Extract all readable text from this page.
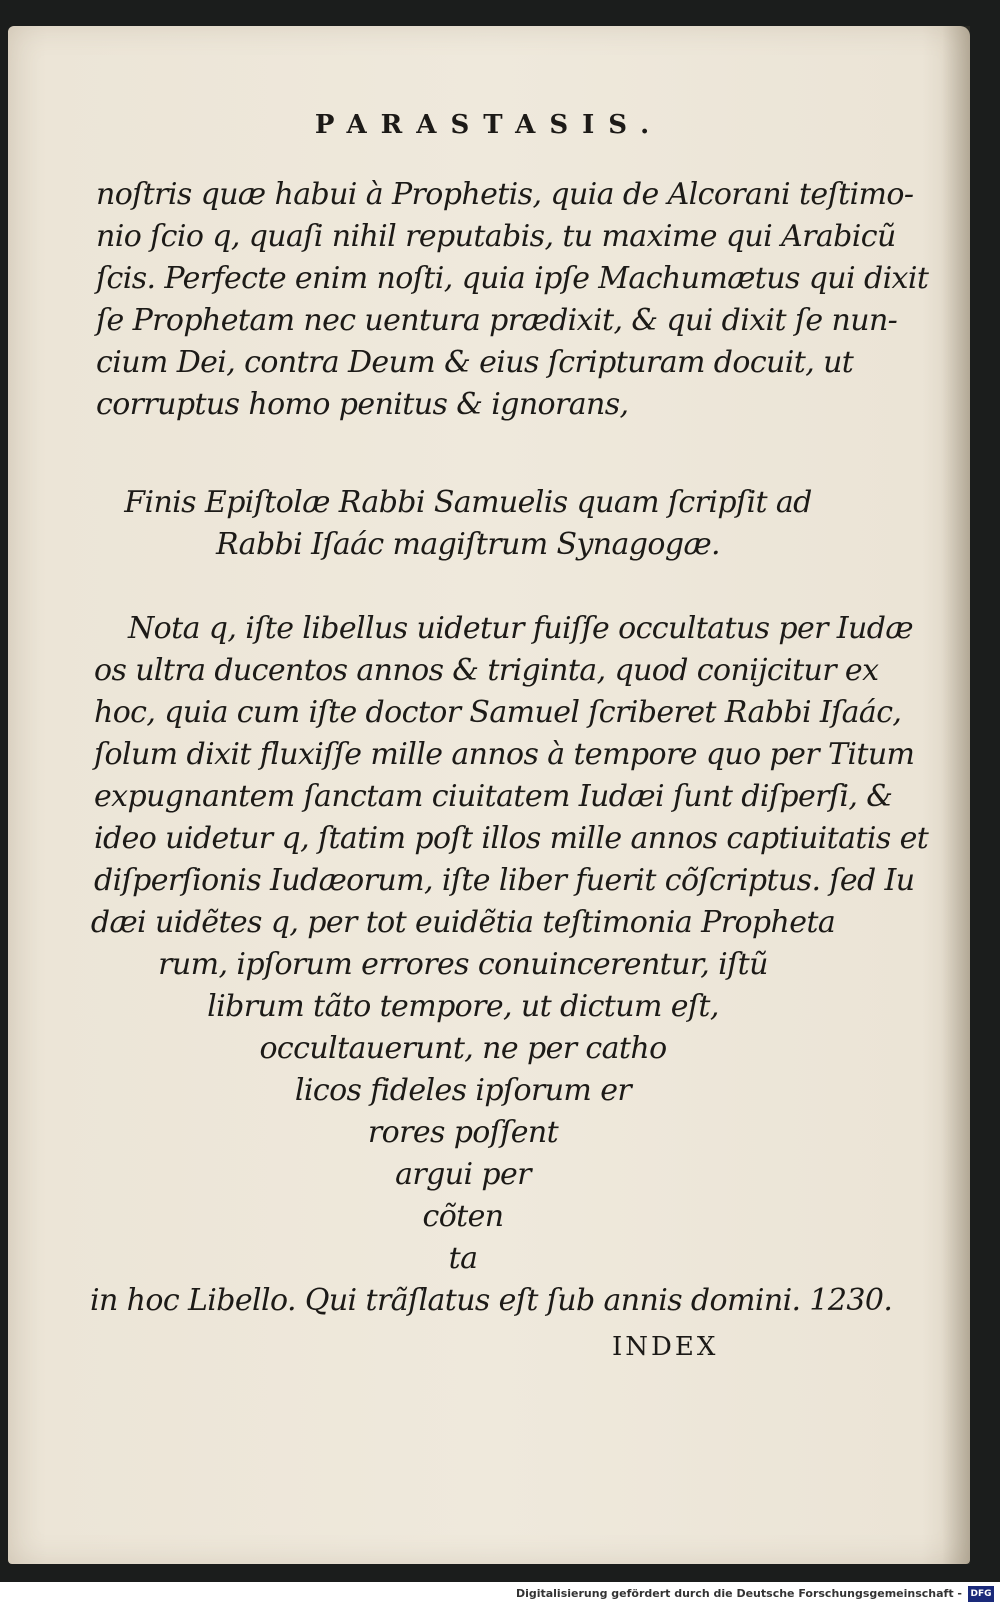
PARASTASIS.
noſtris quæ habui à Prophetis, quia de Alcorani teſtimo-
nio ſcio q, quaſi nihil reputabis, tu maxime qui Arabicũ
ſcis. Perfecte enim noſti, quia ipſe Machumætus qui dixit
ſe Prophetam nec uentura prædixit, & qui dixit ſe nun-
cium Dei, contra Deum & eius ſcripturam docuit, ut
corruptus homo penitus & ignorans,
Finis Epiſtolæ Rabbi Samuelis quam ſcripſit ad
Rabbi Iſaác magiſtrum Synagogæ.
Nota q, iſte libellus uidetur fuiſſe occultatus per Iudæ
os ultra ducentos annos & triginta, quod conijcitur ex
hoc, quia cum iſte doctor Samuel ſcriberet Rabbi Iſaác,
ſolum dixit fluxiſſe mille annos à tempore quo per Titum
expugnantem ſanctam ciuitatem Iudæi ſunt diſperſi, &
ideo uidetur q, ſtatim poſt illos mille annos captiuitatis et
diſperſionis Iudæorum, iſte liber fuerit cõſcriptus. ſed Iu
dæi uidẽtes q, per tot euidẽtia teſtimonia Propheta
rum, ipſorum errores conuincerentur, iſtũ
librum tãto tempore, ut dictum eſt,
occultauerunt, ne per catho
licos fideles ipſorum er
rores poſſent
argui per
cõten
ta
in hoc Libello. Qui trãſlatus eſt ſub annis domini. 1230.
INDEX
Digitalisierung gefördert durch die Deutsche Forschungsgemeinschaft - DFG
